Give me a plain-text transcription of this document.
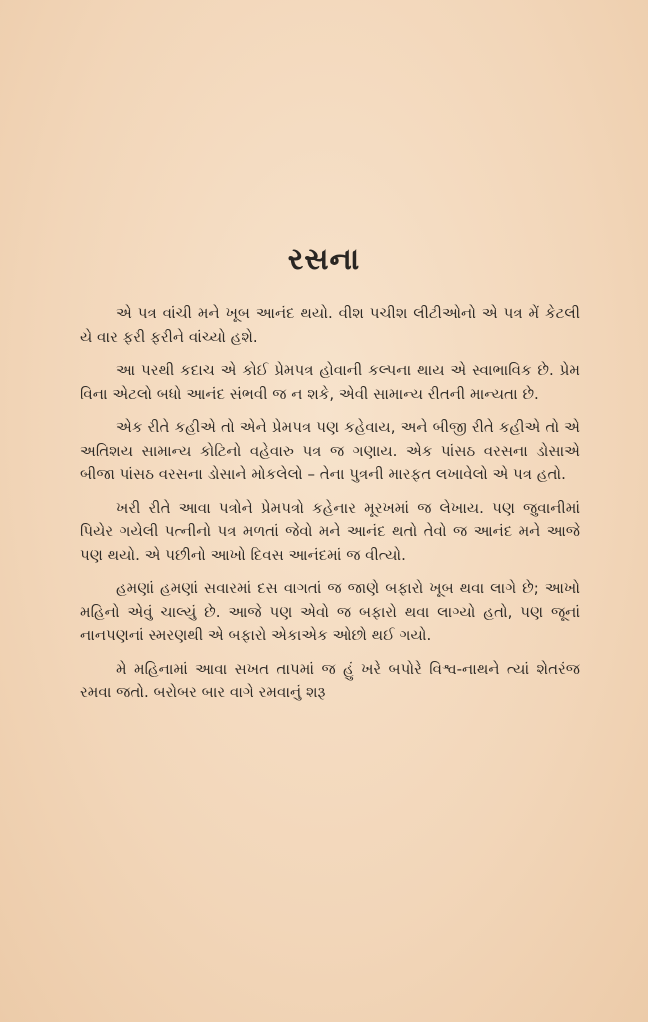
રસના

એ પત્ર વાંચી મને ખૂબ આનંદ થયો. વીશ પચીશ લીટીઓનો એ પત્ર મેં કેટલી યે વાર ફરી ફરીને વાંચ્યો હશે.

આ પરથી કદાચ એ કોઈ પ્રેમપત્ર હોવાની કલ્પના થાય એ સ્વાભાવિક છે. પ્રેમ વિના એટલો બધો આનંદ સંભવી જ ન શકે, એવી સામાન્ય રીતની માન્યતા છે.

એક રીતે કહીએ તો એને પ્રેમપત્ર પણ કહેવાય, અને બીજી રીતે કહીએ તો એ અતિશય સામાન્ય કોટિનો વહેવારુ પત્ર જ ગણાય. એક પાંસઠ વરસના ડોસાએ બીજા પાંસઠ વરસના ડોસાને મોકલેલો – તેના પુત્રની મારફત લખાવેલો એ પત્ર હતો.

ખરી રીતે આવા પત્રોને પ્રેમપત્રો કહેનાર મૂરખમાં જ લેખાય. પણ જુવાનીમાં પિયેર ગયેલી પત્નીનો પત્ર મળતાં જેવો મને આનંદ થતો તેવો જ આનંદ મને આજે પણ થયો. એ પછીનો આખો દિવસ આનંદમાં જ વીત્યો.

હમણાં હમણાં સવારમાં દસ વાગતાં જ જાણે બફારો ખૂબ થવા લાગે છે; આખો મહિનો એવું ચાલ્યું છે. આજે પણ એવો જ બફારો થવા લાગ્યો હતો, પણ જૂનાં નાનપણનાં સ્મરણથી એ બફારો એકાએક ઓછો થઈ ગયો.

મે મહિનામાં આવા સખત તાપમાં જ હું ખરે બપોરે વિશ્વ-નાથને ત્યાં શેતરંજ રમવા જતો. બરોબર બાર વાગે રમવાનું શરૂ
